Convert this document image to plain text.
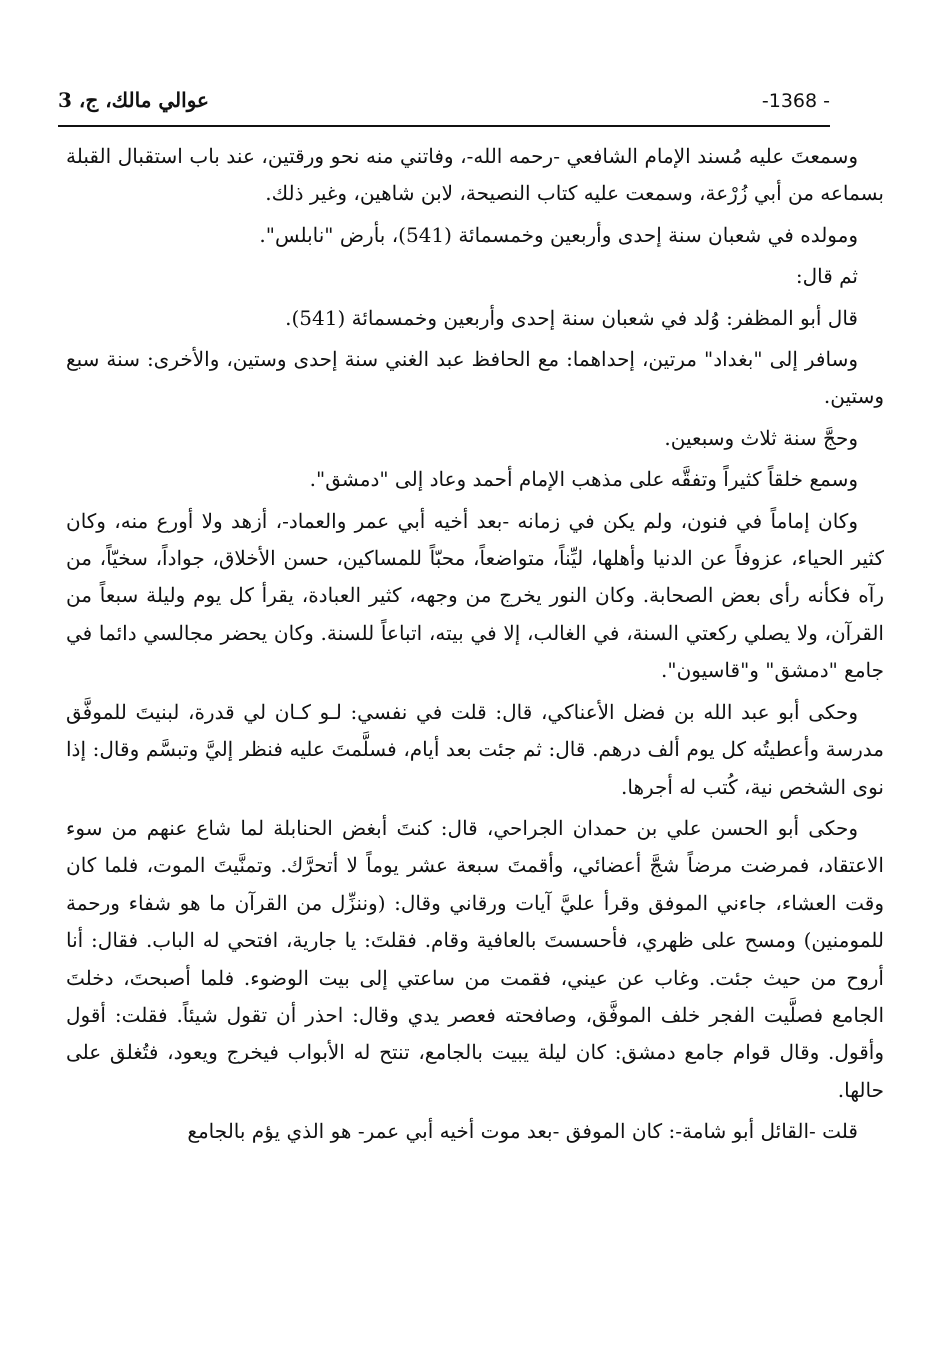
-1368 -
عوالي مالك، ج، 3

وسمعتَ عليه مُسند الإمام الشافعي -رحمه الله-، وفاتني منه نحو ورقتين، عند باب استقبال القبلة بسماعه من أبي زُرْعة، وسمعت عليه كتاب النصيحة، لابن شاهين، وغير ذلك.

ومولده في شعبان سنة إحدى وأربعين وخمسمائة (541)، بأرض "نابلس".

ثم قال:

قال أبو المظفر: وُلد في شعبان سنة إحدى وأربعين وخمسمائة (541).

وسافر إلى "بغداد" مرتين، إحداهما: مع الحافظ عبد الغني سنة إحدى وستين، والأخرى: سنة سبع وستين.

وحجَّ سنة ثلاث وسبعين.

وسمع خلقاً كثيراً وتفقَّه على مذهب الإمام أحمد وعاد إلى "دمشق".

وكان إماماً في فنون، ولم يكن في زمانه -بعد أخيه أبي عمر والعماد-، أزهد ولا أورع منه، وكان كثير الحياء، عزوفاً عن الدنيا وأهلها، ليِّناً، متواضعاً، محبّاً للمساكين، حسن الأخلاق، جواداً، سخيّاً، من رآه فكأنه رأى بعض الصحابة. وكان النور يخرج من وجهه، كثير العبادة، يقرأ كل يوم وليلة سبعاً من القرآن، ولا يصلي ركعتي السنة، في الغالب، إلا في بيته، اتباعاً للسنة. وكان يحضر مجالسي دائما في جامع "دمشق" و"قاسيون".

وحكى أبو عبد الله بن فضل الأعناكي، قال: قلت في نفسي: لـو كـان لي قدرة، لبنيتَ للموفَّق مدرسة وأعطيتُه كل يوم ألف درهم. قال: ثم جئت بعد أيام، فسلَّمتَ عليه فنظر إليَّ وتبسَّم وقال: إذا نوى الشخص نية، كُتب له أجرها.

وحكى أبو الحسن علي بن حمدان الجراحي، قال: كنتَ أبغض الحنابلة لما شاع عنهم من سوء الاعتقاد، فمرضت مرضاً شجَّ أعضائي، وأقمتَ سبعة عشر يوماً لا أتحرَّك. وتمنَّيتَ الموت، فلما كان وقت العشاء، جاءني الموفق وقرأ عليَّ آيات ورقاني وقال: (وننزِّل من القرآن ما هو شفاء ورحمة للمومنين) ومسح على ظهري، فأحسستَ بالعافية وقام. فقلتَ: يا جارية، افتحي له الباب. فقال: أنا أروح من حيث جئت. وغاب عن عيني، فقمت من ساعتي إلى بيت الوضوء. فلما أصبحتَ، دخلتَ الجامع فصلَّيت الفجر خلف الموفَّق، وصافحته فعصر يدي وقال: احذر أن تقول شيئاً. فقلت: أقول وأقول. وقال قوام جامع دمشق: كان ليلة يبيت بالجامع، تنتح له الأبواب فيخرج ويعود، فتُغلق على حالها.

قلت -القائل أبو شامة-: كان الموفق -بعد موت أخيه أبي عمر- هو الذي يؤم بالجامع
